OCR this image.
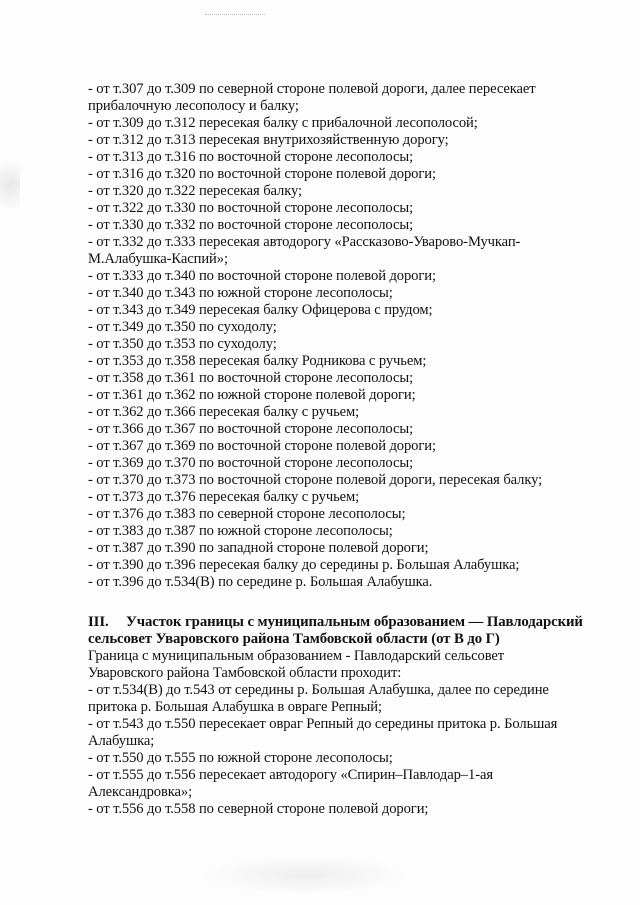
- от т.307 до т.309 по северной стороне полевой дороги, далее пересекает
прибалочную лесополосу и балку;
- от т.309 до т.312 пересекая балку с прибалочной лесополосой;
- от т.312 до т.313 пересекая внутрихозяйственную дорогу;
- от т.313 до т.316 по восточной стороне лесополосы;
- от т.316 до т.320 по восточной стороне полевой дороги;
- от т.320 до т.322 пересекая балку;
- от т.322 до т.330 по восточной стороне лесополосы;
- от т.330 до т.332 по восточной стороне лесополосы;
- от т.332 до т.333 пересекая автодорогу «Рассказово-Уварово-Мучкап-
М.Алабушка-Каспий»;
- от т.333 до т.340 по восточной стороне полевой дороги;
- от т.340 до т.343 по южной стороне лесополосы;
- от т.343 до т.349 пересекая балку Офицерова с прудом;
- от т.349 до т.350 по суходолу;
- от т.350 до т.353 по суходолу;
- от т.353 до т.358 пересекая балку Родникова с ручьем;
- от т.358 до т.361 по восточной стороне лесополосы;
- от т.361 до т.362 по южной стороне полевой дороги;
- от т.362 до т.366 пересекая балку с ручьем;
- от т.366 до т.367 по восточной стороне лесополосы;
- от т.367 до т.369 по восточной стороне полевой дороги;
- от т.369 до т.370 по восточной стороне лесополосы;
- от т.370 до т.373 по восточной стороне полевой дороги, пересекая балку;
- от т.373 до т.376 пересекая балку с ручьем;
- от т.376 до т.383 по северной стороне лесополосы;
- от т.383 до т.387 по южной стороне лесополосы;
- от т.387 до т.390 по западной стороне полевой дороги;
- от т.390 до т.396 пересекая балку до середины р. Большая Алабушка;
- от т.396 до т.534(В) по середине р. Большая Алабушка.
III. Участок границы с муниципальным образованием — Павлодарский
сельсовет Уваровского района Тамбовской области (от В до Г)
Граница с муниципальным образованием - Павлодарский сельсовет
Уваровского района Тамбовской области проходит:
- от т.534(В) до т.543 от середины р. Большая Алабушка, далее по середине
притока р. Большая Алабушка в овраге Репный;
- от т.543 до т.550 пересекает овраг Репный до середины притока р. Большая
Алабушка;
- от т.550 до т.555 по южной стороне лесополосы;
- от т.555 до т.556 пересекает автодорогу «Спирин–Павлодар–1-ая
Александровка»;
- от т.556 до т.558 по северной стороне полевой дороги;
